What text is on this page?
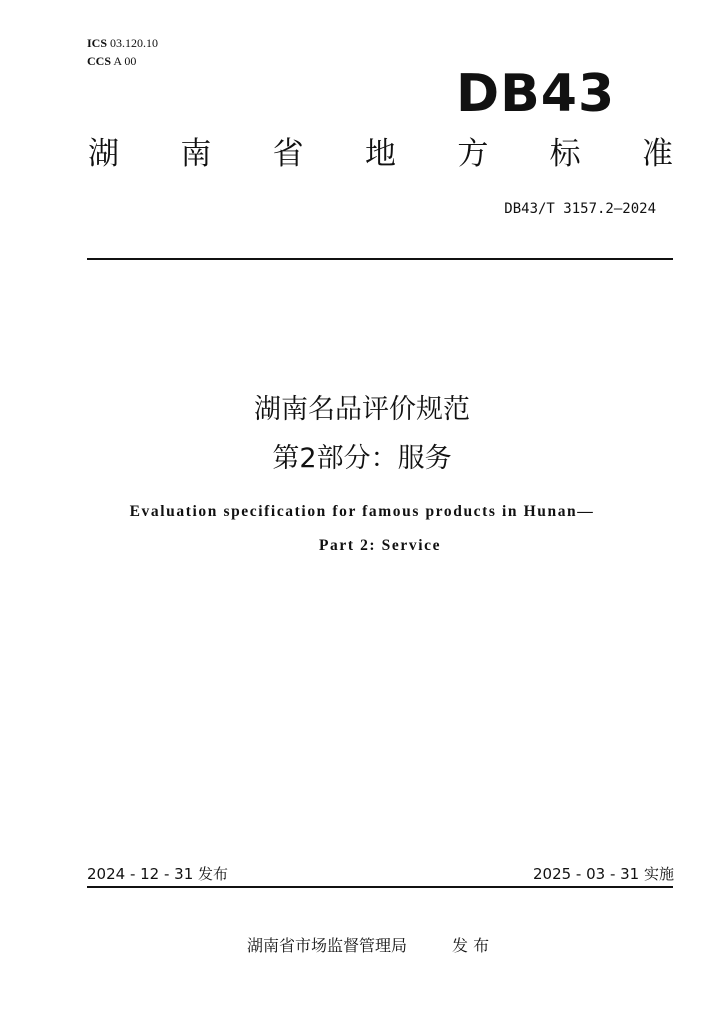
ICS 03.120.10
CCS A 00
DB43
湖 南 省 地 方 标 准
DB43/T 3157.2—2024
湖南名品评价规范
第2部分：服务
Evaluation specification for famous products in Hunan—
Part 2: Service
2024 - 12 - 31 发布	2025 - 03 - 31 实施
湖南省市场监督管理局	发 布
